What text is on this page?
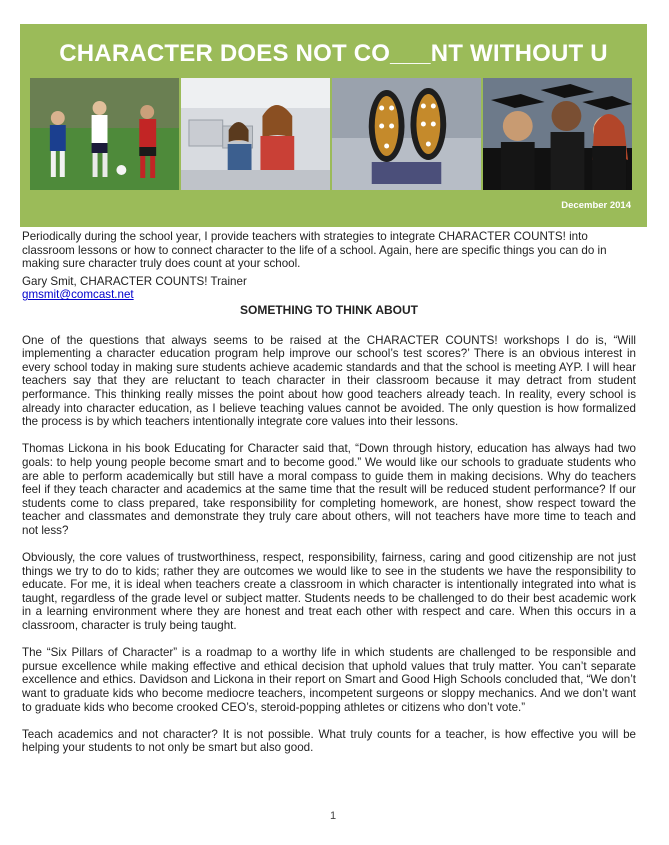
CHARACTER DOES NOT CO___NT WITHOUT U
December 2014

Periodically during the school year, I provide teachers with strategies to integrate CHARACTER COUNTS! into classroom lessons or how to connect character to the life of a school. Again, here are specific things you can do in making sure character truly does count at your school.

Gary Smit, CHARACTER COUNTS! Trainer

gmsmit@comcast.net
SOMETHING TO THINK ABOUT

One of the questions that always seems to be raised at the CHARACTER COUNTS! workshops I do is, “Will implementing a character education program help improve our school’s test scores?’ There is an obvious interest in every school today in making sure students achieve academic standards and that the school is meeting AYP. I will hear teachers say that they are reluctant to teach character in their classroom because it may detract from student performance. This thinking really misses the point about how good teachers already teach. In reality, every school is already into character education, as I believe teaching values cannot be avoided. The only question is how formalized the process is by which teachers intentionally integrate core values into their lessons.

Thomas Lickona in his book Educating for Character said that, “Down through history, education has always had two goals: to help young people become smart and to become good.” We would like our schools to graduate students who are able to perform academically but still have a moral compass to guide them in making decisions. Why do teachers feel if they teach character and academics at the same time that the result will be reduced student performance? If our students come to class prepared, take responsibility for completing homework, are honest, show respect toward the teacher and classmates and demonstrate they truly care about others, will not teachers have more time to teach and not less?

Obviously, the core values of trustworthiness, respect, responsibility, fairness, caring and good citizenship are not just things we try to do to kids; rather they are outcomes we would like to see in the students we have the responsibility to educate. For me, it is ideal when teachers create a classroom in which character is intentionally integrated into what is taught, regardless of the grade level or subject matter. Students needs to be challenged to do their best academic work in a learning environment where they are honest and treat each other with respect and care. When this occurs in a classroom, character is truly being taught.

The “Six Pillars of Character” is a roadmap to a worthy life in which students are challenged to be responsible and pursue excellence while making effective and ethical decision that uphold values that truly matter. You can’t separate excellence and ethics. Davidson and Lickona in their report on Smart and Good High Schools concluded that, “We don’t want to graduate kids who become mediocre teachers, incompetent surgeons or sloppy mechanics. And we don’t want to graduate kids who become crooked CEO’s, steroid-popping athletes or citizens who don’t vote.”

Teach academics and not character? It is not possible. What truly counts for a teacher, is how effective you will be helping your students to not only be smart but also good.

1
